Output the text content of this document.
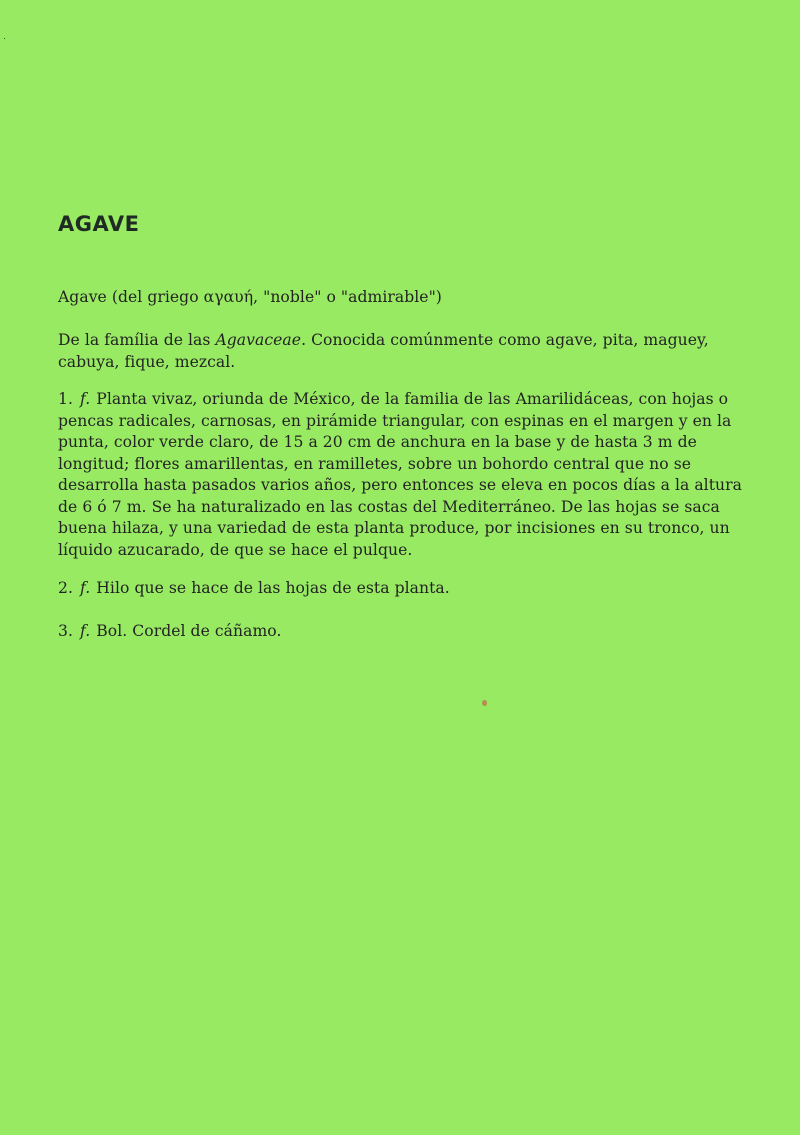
AGAVE

Agave (del griego αγαυή, "noble" o "admirable")

De la família de las Agavaceae. Conocida comúnmente como agave, pita, maguey, cabuya, fique, mezcal.

1. f. Planta vivaz, oriunda de México, de la familia de las Amarilidáceas, con hojas o pencas radicales, carnosas, en pirámide triangular, con espinas en el margen y en la punta, color verde claro, de 15 a 20 cm de anchura en la base y de hasta 3 m de longitud; flores amarillentas, en ramilletes, sobre un bohordo central que no se desarrolla hasta pasados varios años, pero entonces se eleva en pocos días a la altura de 6 ó 7 m. Se ha naturalizado en las costas del Mediterráneo. De las hojas se saca buena hilaza, y una variedad de esta planta produce, por incisiones en su tronco, un líquido azucarado, de que se hace el pulque.

2. f. Hilo que se hace de las hojas de esta planta.

3. f. Bol. Cordel de cáñamo.
